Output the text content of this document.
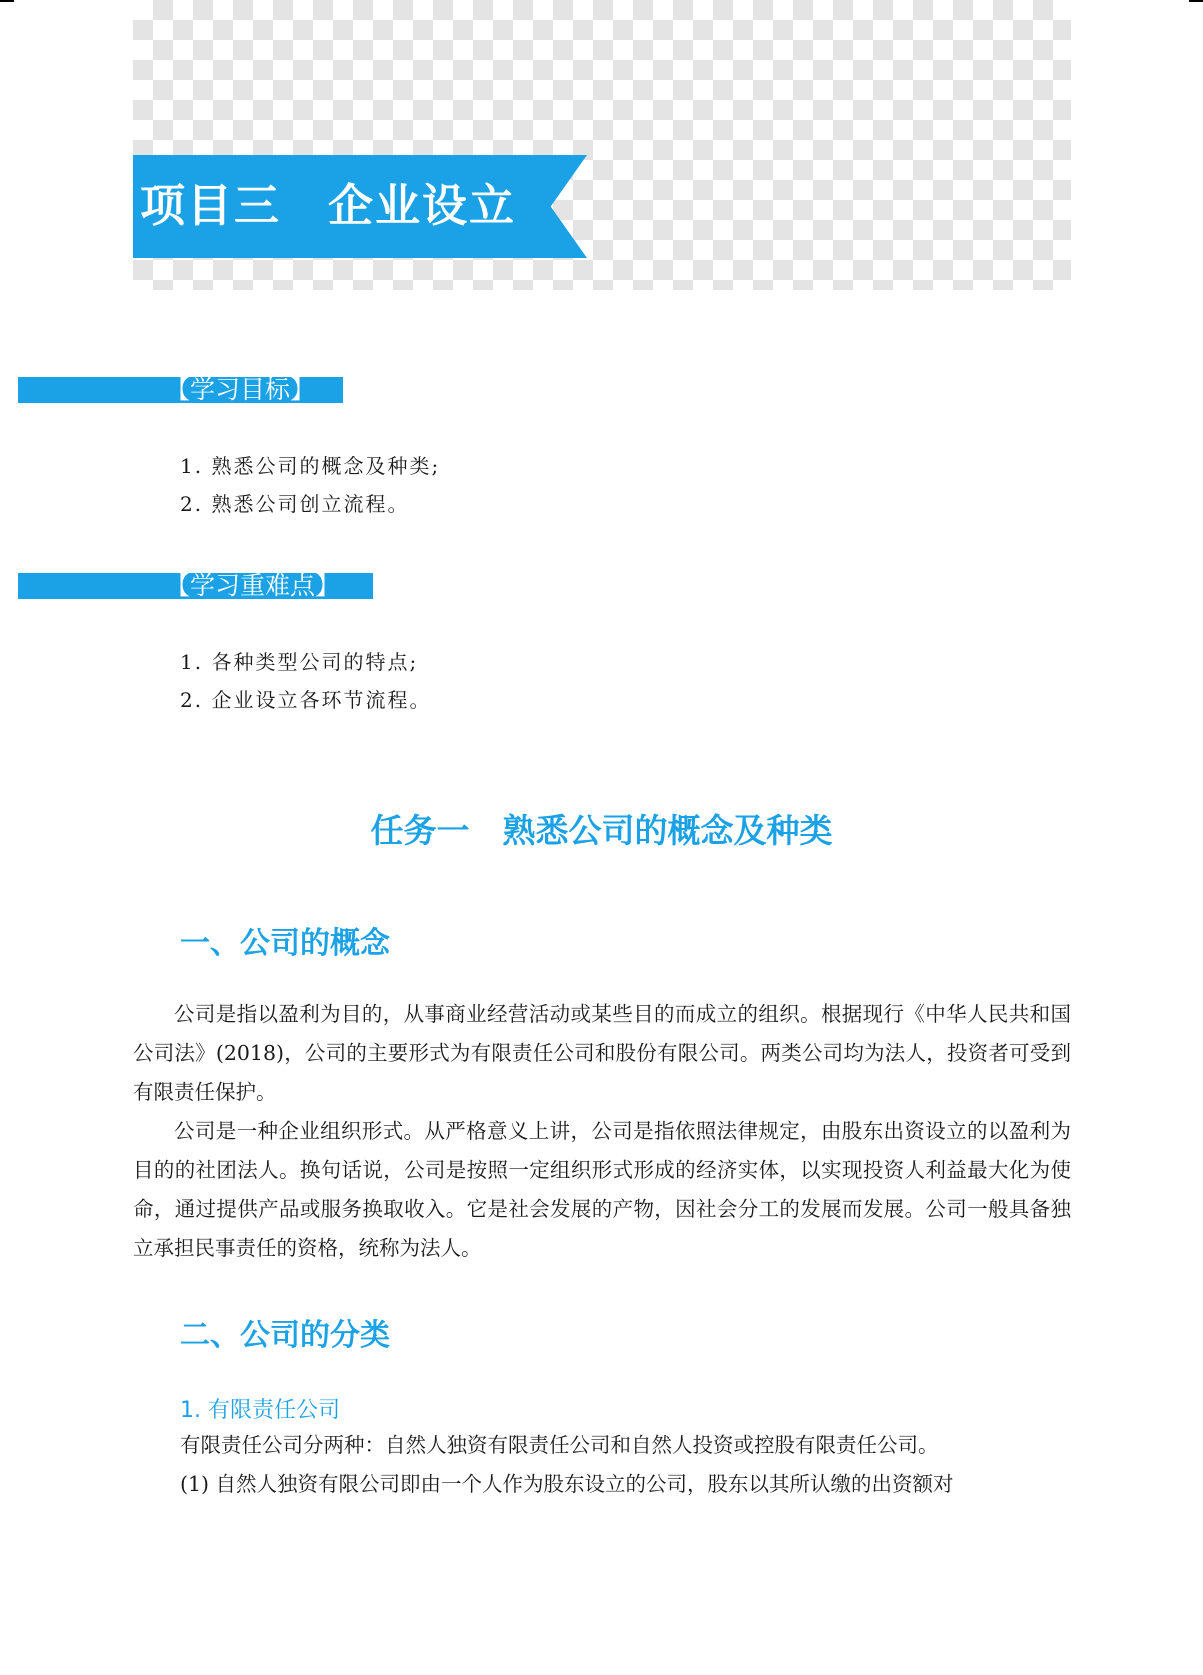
项目三　企业设立
【学习目标】
1. 熟悉公司的概念及种类;
2. 熟悉公司创立流程。
【学习重难点】
1. 各种类型公司的特点;
2. 企业设立各环节流程。
任务一　熟悉公司的概念及种类
一、公司的概念

公司是指以盈利为目的，从事商业经营活动或某些目的而成立的组织。根据现行《中华人民共和国公司法》(2018)，公司的主要形式为有限责任公司和股份有限公司。两类公司均为法人，投资者可受到有限责任保护。

公司是一种企业组织形式。从严格意义上讲，公司是指依照法律规定，由股东出资设立的以盈利为目的的社团法人。换句话说，公司是按照一定组织形式形成的经济实体，以实现投资人利益最大化为使命，通过提供产品或服务换取收入。它是社会发展的产物，因社会分工的发展而发展。公司一般具备独立承担民事责任的资格，统称为法人。

二、公司的分类
1. 有限责任公司
有限责任公司分两种：自然人独资有限责任公司和自然人投资或控股有限责任公司。
(1) 自然人独资有限公司即由一个人作为股东设立的公司，股东以其所认缴的出资额对
